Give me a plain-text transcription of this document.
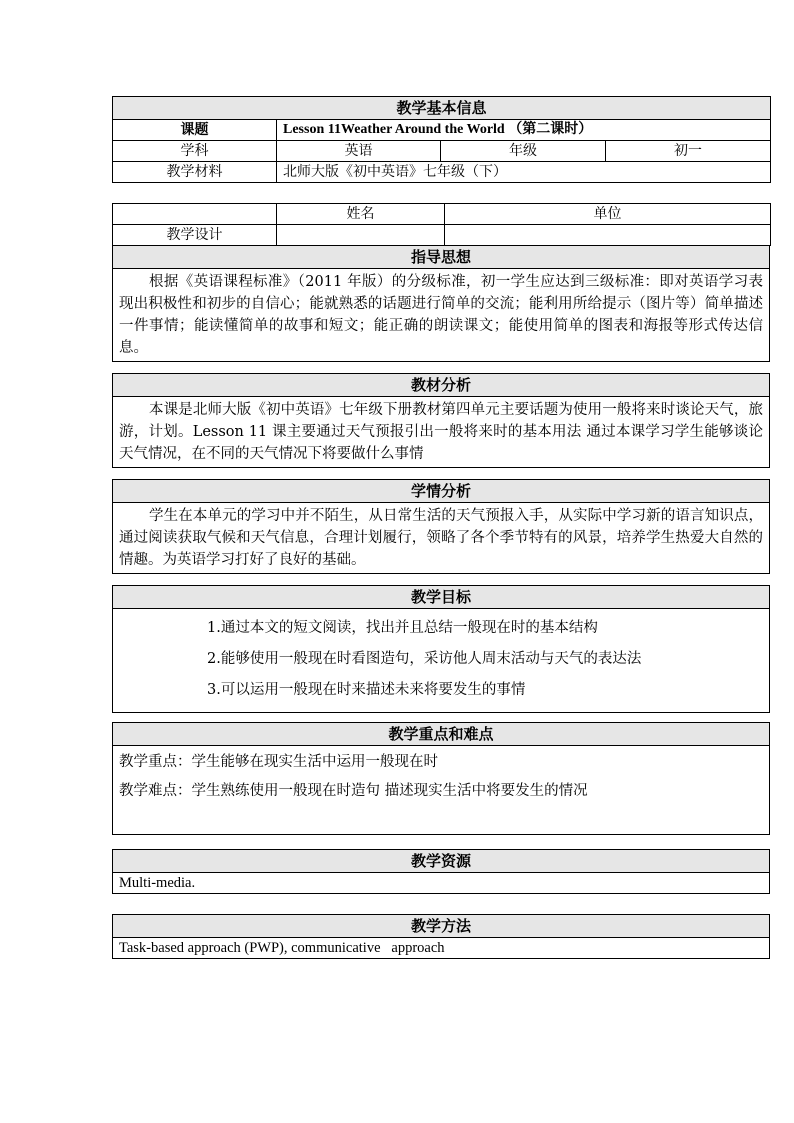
教学基本信息			
课题	Lesson 11Weather Around the World （第二课时）		
学科	英语	年级	初一
教学材料	北师大版《初中英语》七年级（下）		
	姓名	单位
教学设计		
指导思想
根据《英语课程标准》（2011 年版）的分级标准，初一学生应达到三级标准：即对英语学习表现出积极性和初步的自信心；能就熟悉的话题进行简单的交流；能利用所给提示（图片等）简单描述一件事情；能读懂简单的故事和短文；能正确的朗读课文；能使用简单的图表和海报等形式传达信息。
教材分析
本课是北师大版《初中英语》七年级下册教材第四单元主要话题为使用一般将来时谈论天气，旅游，计划。Lesson 11 课主要通过天气预报引出一般将来时的基本用法 通过本课学习学生能够谈论天气情况，在不同的天气情况下将要做什么事情
学情分析
学生在本单元的学习中并不陌生，从日常生活的天气预报入手，从实际中学习新的语言知识点，通过阅读获取气候和天气信息，合理计划履行，领略了各个季节特有的风景，培养学生热爱大自然的情趣。为英语学习打好了良好的基础。
教学目标

1.通过本文的短文阅读，找出并且总结一般现在时的基本结构

2.能够使用一般现在时看图造句，采访他人周末活动与天气的表达法

3.可以运用一般现在时来描述未来将要发生的事情

教学重点和难点
教学重点：学生能够在现实生活中运用一般现在时
教学难点：学生熟练使用一般现在时造句 描述现实生活中将要发生的情况
教学资源
Multi-media.
教学方法
Task-based approach (PWP), communicative   approach
